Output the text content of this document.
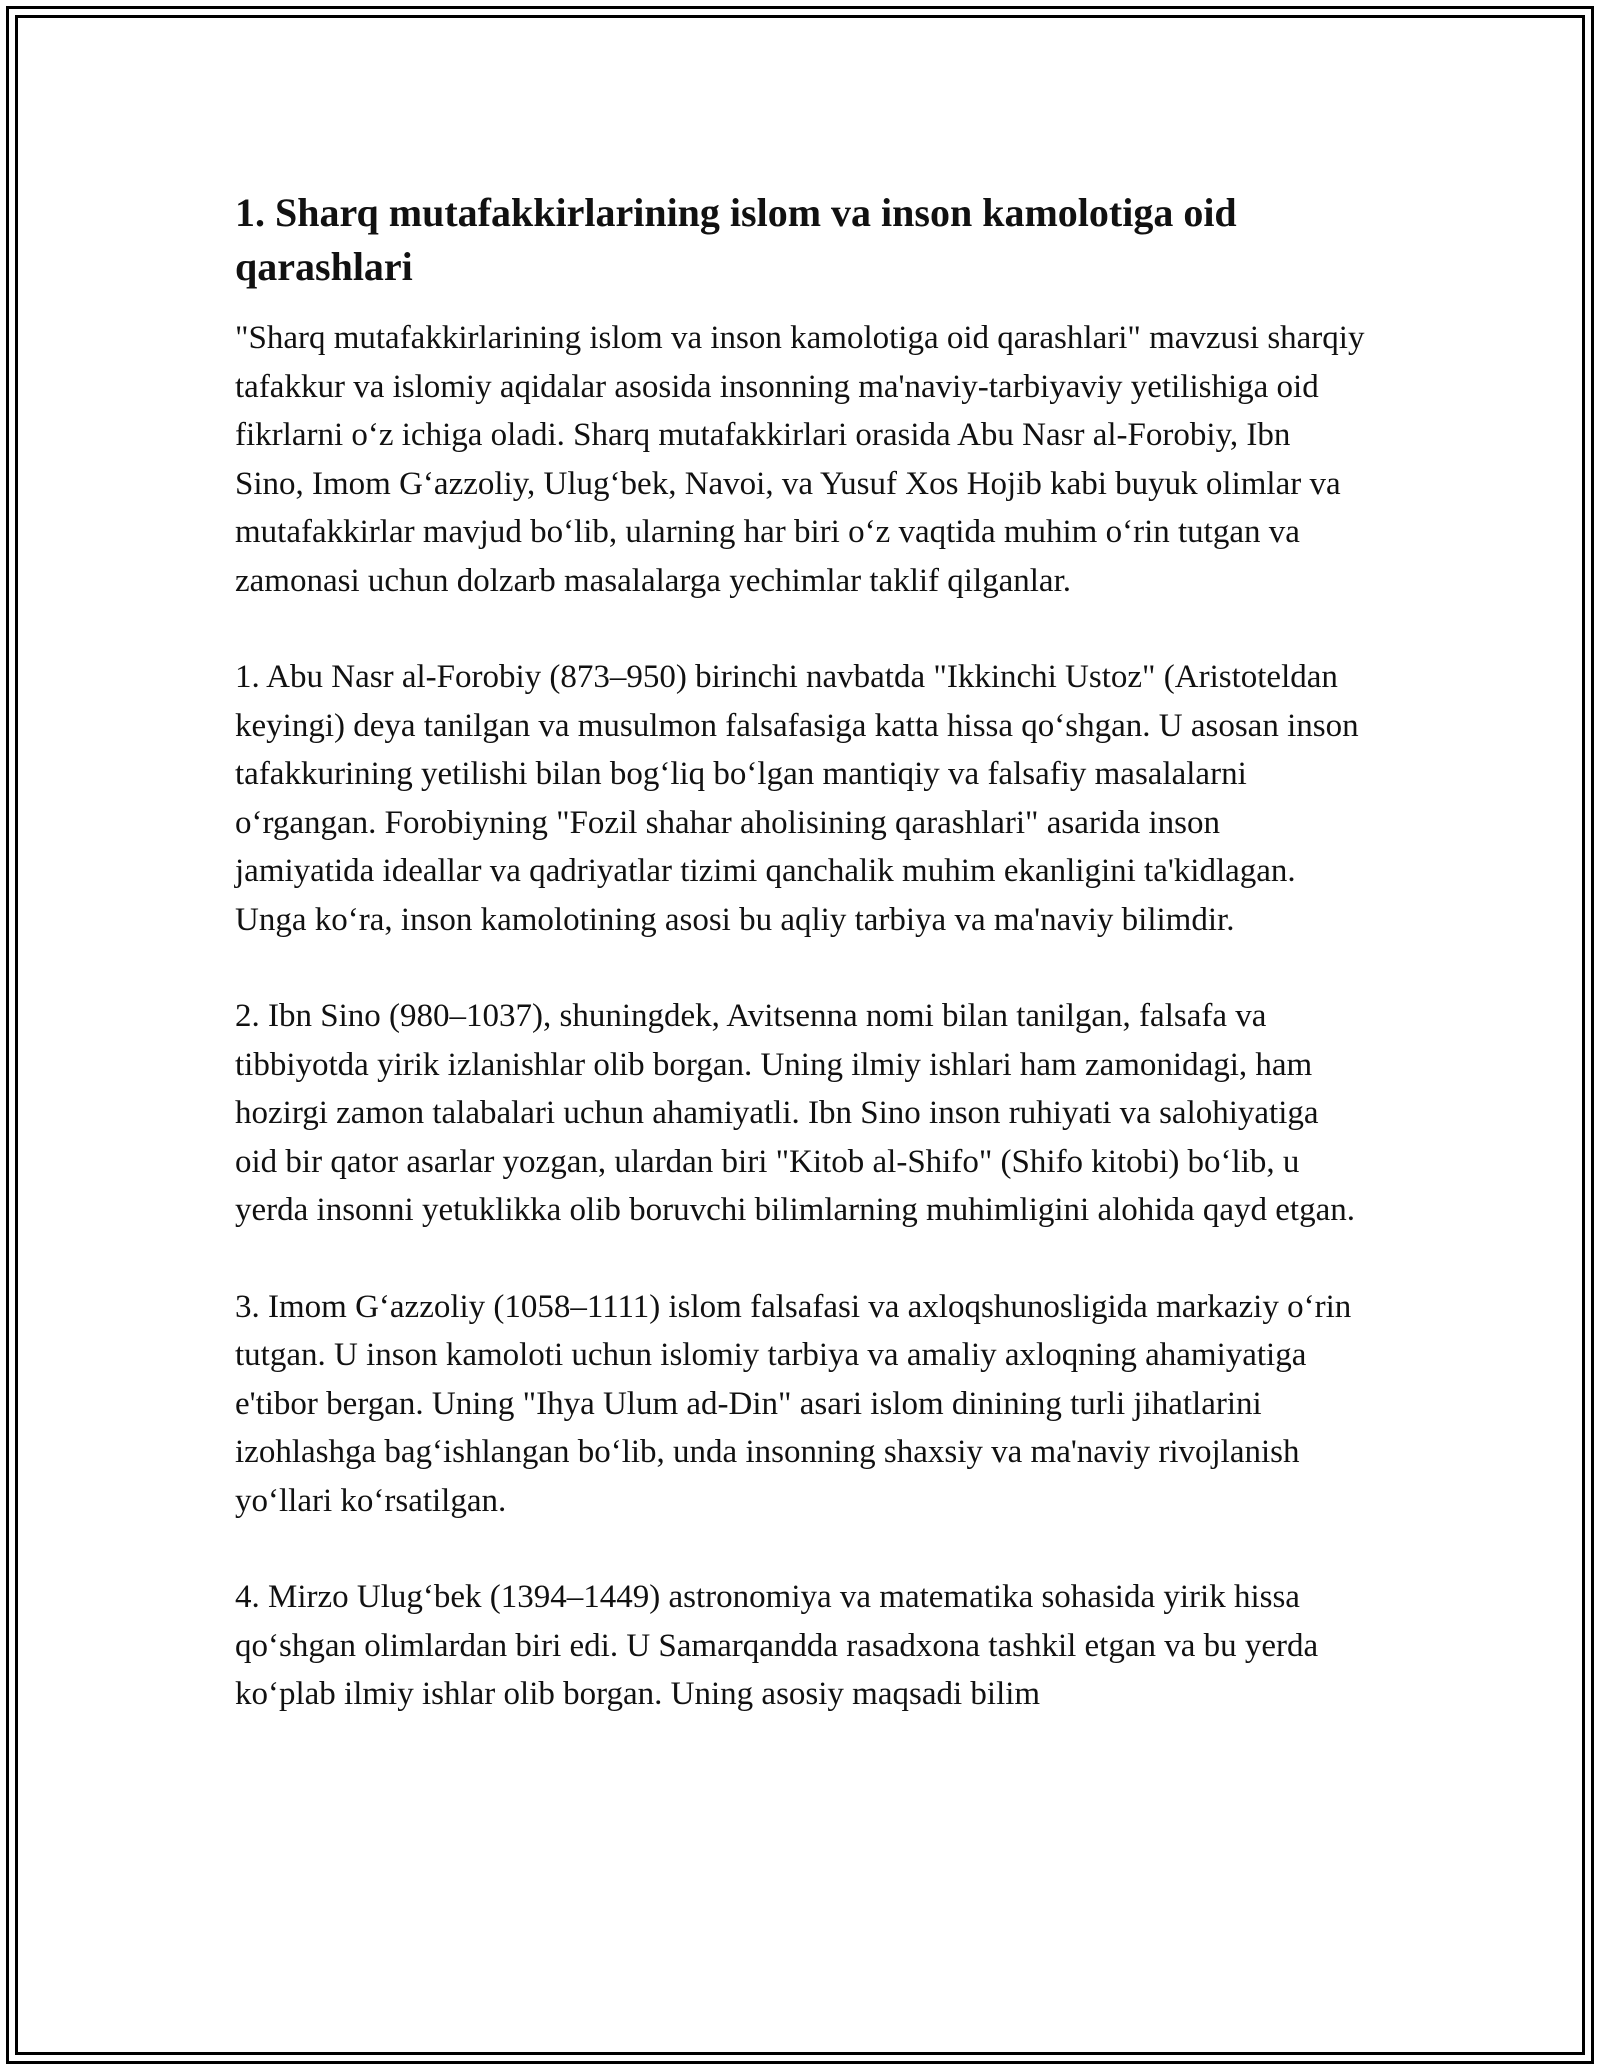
1. Sharq mutafakkirlarining islom va inson kamolotiga oid qarashlari

"Sharq mutafakkirlarining islom va inson kamolotiga oid qarashlari" mavzusi sharqiy tafakkur va islomiy aqidalar asosida insonning ma'naviy-tarbiyaviy yetilishiga oid fikrlarni oʻz ichiga oladi. Sharq mutafakkirlari orasida Abu Nasr al-Forobiy, Ibn Sino, Imom Gʻazzoliy, Ulugʻbek, Navoi, va Yusuf Xos Hojib kabi buyuk olimlar va mutafakkirlar mavjud boʻlib, ularning har biri oʻz vaqtida muhim oʻrin tutgan va zamonasi uchun dolzarb masalalarga yechimlar taklif qilganlar.

1. Abu Nasr al-Forobiy (873–950) birinchi navbatda "Ikkinchi Ustoz" (Aristoteldan keyingi) deya tanilgan va musulmon falsafasiga katta hissa qoʻshgan. U asosan inson tafakkurining yetilishi bilan bogʻliq boʻlgan mantiqiy va falsafiy masalalarni oʻrgangan. Forobiyning "Fozil shahar aholisining qarashlari" asarida inson jamiyatida ideallar va qadriyatlar tizimi qanchalik muhim ekanligini ta'kidlagan. Unga koʻra, inson kamolotining asosi bu aqliy tarbiya va ma'naviy bilimdir.

2. Ibn Sino (980–1037), shuningdek, Avitsenna nomi bilan tanilgan, falsafa va tibbiyotda yirik izlanishlar olib borgan. Uning ilmiy ishlari ham zamonidagi, ham hozirgi zamon talabalari uchun ahamiyatli. Ibn Sino inson ruhiyati va salohiyatiga oid bir qator asarlar yozgan, ulardan biri "Kitob al-Shifo" (Shifo kitobi) boʻlib, u yerda insonni yetuklikka olib boruvchi bilimlarning muhimligini alohida qayd etgan.

3. Imom Gʻazzoliy (1058–1111) islom falsafasi va axloqshunosligida markaziy oʻrin tutgan. U inson kamoloti uchun islomiy tarbiya va amaliy axloqning ahamiyatiga e'tibor bergan. Uning "Ihya Ulum ad-Din" asari islom dinining turli jihatlarini izohlashga bagʻishlangan boʻlib, unda insonning shaxsiy va ma'naviy rivojlanish yoʻllari koʻrsatilgan.

4. Mirzo Ulugʻbek (1394–1449) astronomiya va matematika sohasida yirik hissa qoʻshgan olimlardan biri edi. U Samarqandda rasadxona tashkil etgan va bu yerda koʻplab ilmiy ishlar olib borgan. Uning asosiy maqsadi bilim
